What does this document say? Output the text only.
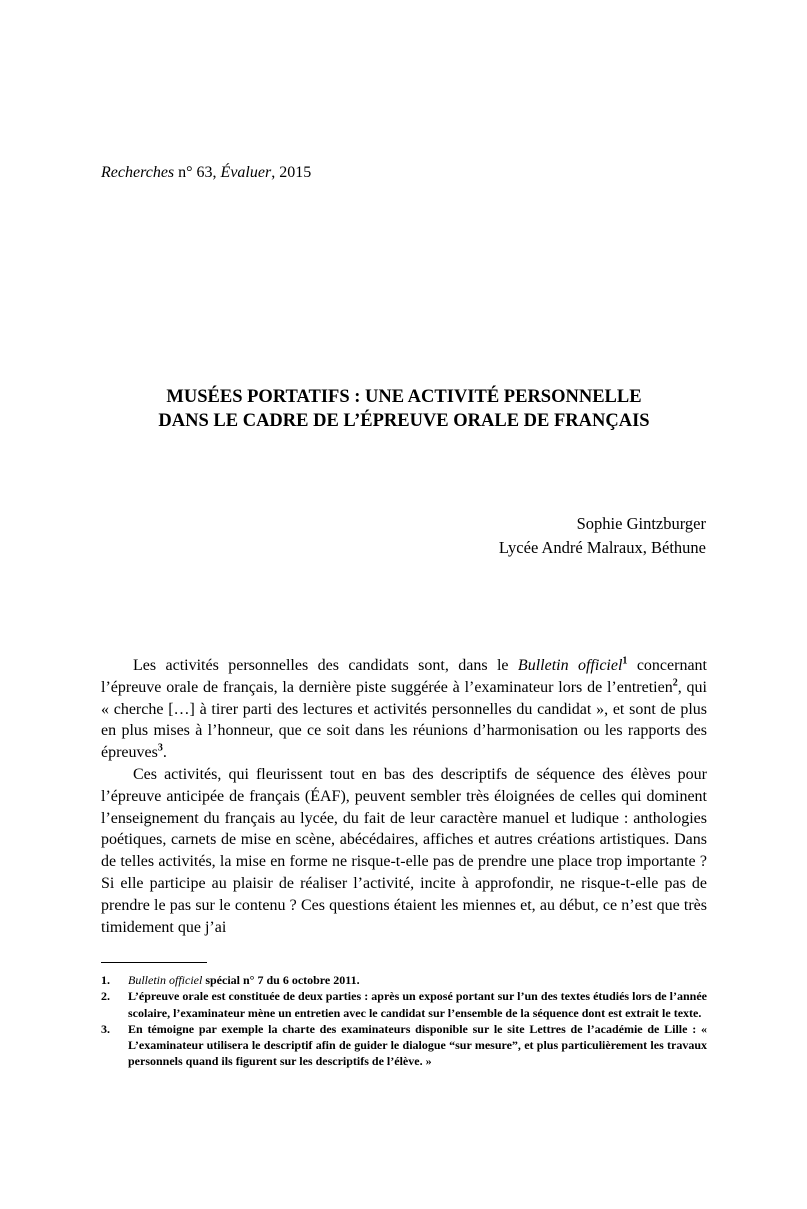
Recherches n° 63, Évaluer, 2015
MUSÉES PORTATIFS : UNE ACTIVITÉ PERSONNELLE
DANS LE CADRE DE L’ÉPREUVE ORALE DE FRANÇAIS
Sophie Gintzburger
Lycée André Malraux, Béthune

Les activités personnelles des candidats sont, dans le Bulletin officiel$^1$ concernant l’épreuve orale de français, la dernière piste suggérée à l’examinateur lors de l’entretien$^2$, qui « cherche […] à tirer parti des lectures et activités personnelles du candidat », et sont de plus en plus mises à l’honneur, que ce soit dans les réunions d’harmonisation ou les rapports des épreuves$^3$.

Ces activités, qui fleurissent tout en bas des descriptifs de séquence des élèves pour l’épreuve anticipée de français (ÉAF), peuvent sembler très éloignées de celles qui dominent l’enseignement du français au lycée, du fait de leur caractère manuel et ludique : anthologies poétiques, carnets de mise en scène, abécédaires, affiches et autres créations artistiques. Dans de telles activités, la mise en forme ne risque-t-elle pas de prendre une place trop importante ? Si elle participe au plaisir de réaliser l’activité, incite à approfondir, ne risque-t-elle pas de prendre le pas sur le contenu ? Ces questions étaient les miennes et, au début, ce n’est que très timidement que j’ai

1.	Bulletin officiel spécial n° 7 du 6 octobre 2011.
2.	L’épreuve orale est constituée de deux parties : après un exposé portant sur l’un des textes étudiés lors de l’année scolaire, l’examinateur mène un entretien avec le candidat sur l’ensemble de la séquence dont est extrait le texte.
3.	En témoigne par exemple la charte des examinateurs disponible sur le site Lettres de l’académie de Lille : « L’examinateur utilisera le descriptif afin de guider le dialogue “sur mesure”, et plus particulièrement les travaux personnels quand ils figurent sur les descriptifs de l’élève. »
